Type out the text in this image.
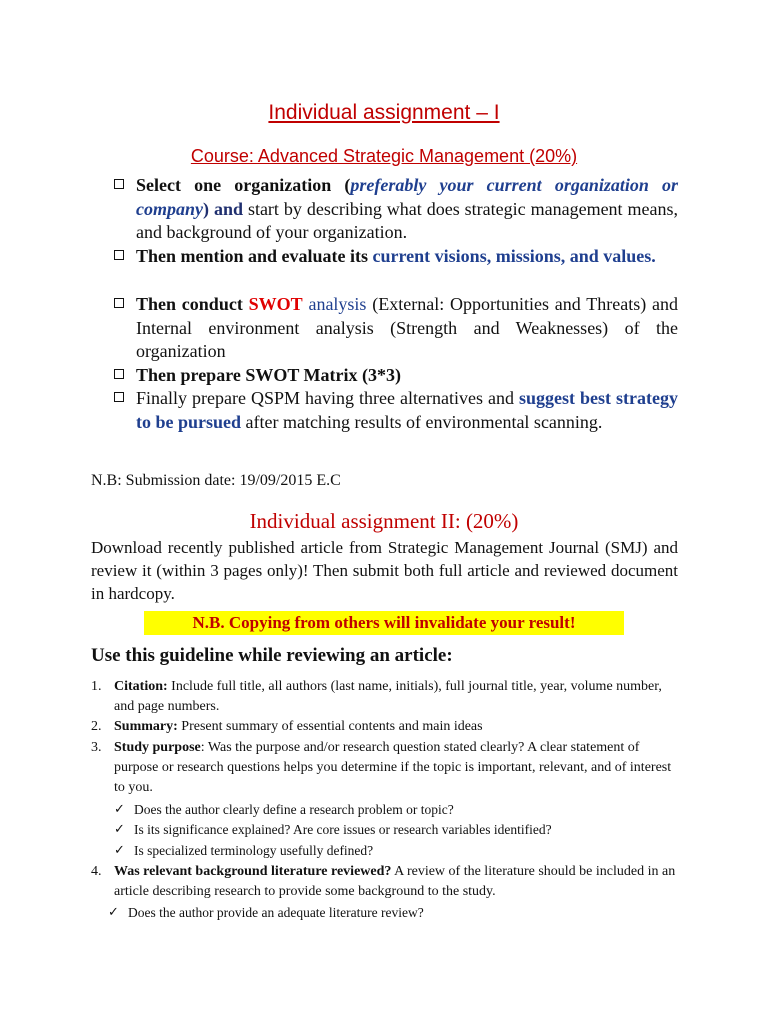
Individual assignment – I
Course: Advanced Strategic Management (20%)
Select one organization (preferably your current organization or company) and start by describing what does strategic management means, and background of your organization.
Then mention and evaluate its current visions, missions, and values.
Then conduct SWOT analysis (External: Opportunities and Threats) and Internal environment analysis (Strength and Weaknesses) of the organization
Then prepare SWOT Matrix (3*3)
Finally prepare QSPM having three alternatives and suggest best strategy to be pursued after matching results of environmental scanning.
N.B: Submission date: 19/09/2015 E.C
Individual assignment II: (20%)
Download recently published article from Strategic Management Journal (SMJ) and review it (within 3 pages only)! Then submit both full article and reviewed document in hardcopy.
N.B. Copying from others will invalidate your result!
Use this guideline while reviewing an article:
1. Citation: Include full title, all authors (last name, initials), full journal title, year, volume number, and page numbers.
2. Summary: Present summary of essential contents and main ideas
3. Study purpose: Was the purpose and/or research question stated clearly? A clear statement of purpose or research questions helps you determine if the topic is important, relevant, and of interest to you.
✓ Does the author clearly define a research problem or topic?
✓ Is its significance explained? Are core issues or research variables identified?
✓ Is specialized terminology usefully defined?
4. Was relevant background literature reviewed? A review of the literature should be included in an article describing research to provide some background to the study.
✓ Does the author provide an adequate literature review?
